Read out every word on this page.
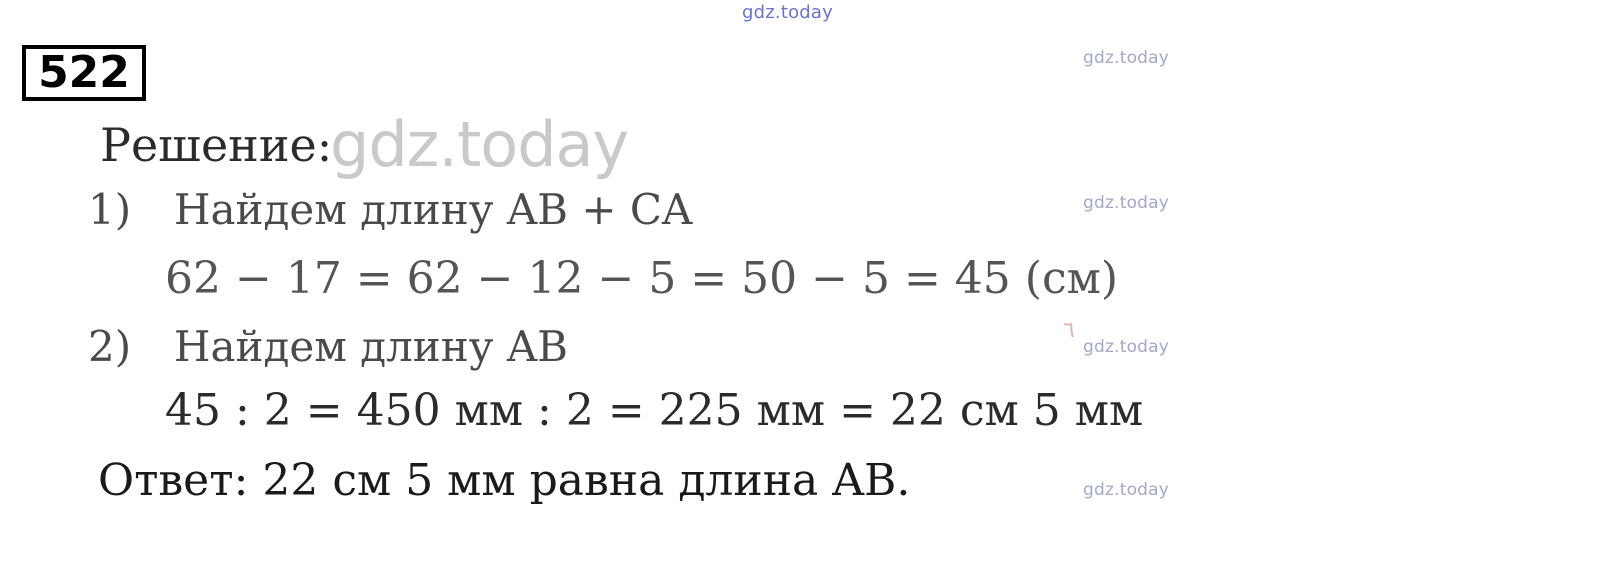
522
Решение:
1) Найдем длину AB + CA
62 − 17 = 62 − 12 − 5 = 50 − 5 = 45 (см)
2) Найдем длину AB
45 : 2 = 450 мм : 2 = 225 мм = 22 см 5 мм
Ответ: 22 см 5 мм равна длина AB.
٦
gdz.today
gdz.today
gdz.today
gdz.today
gdz.today
gdz.today
